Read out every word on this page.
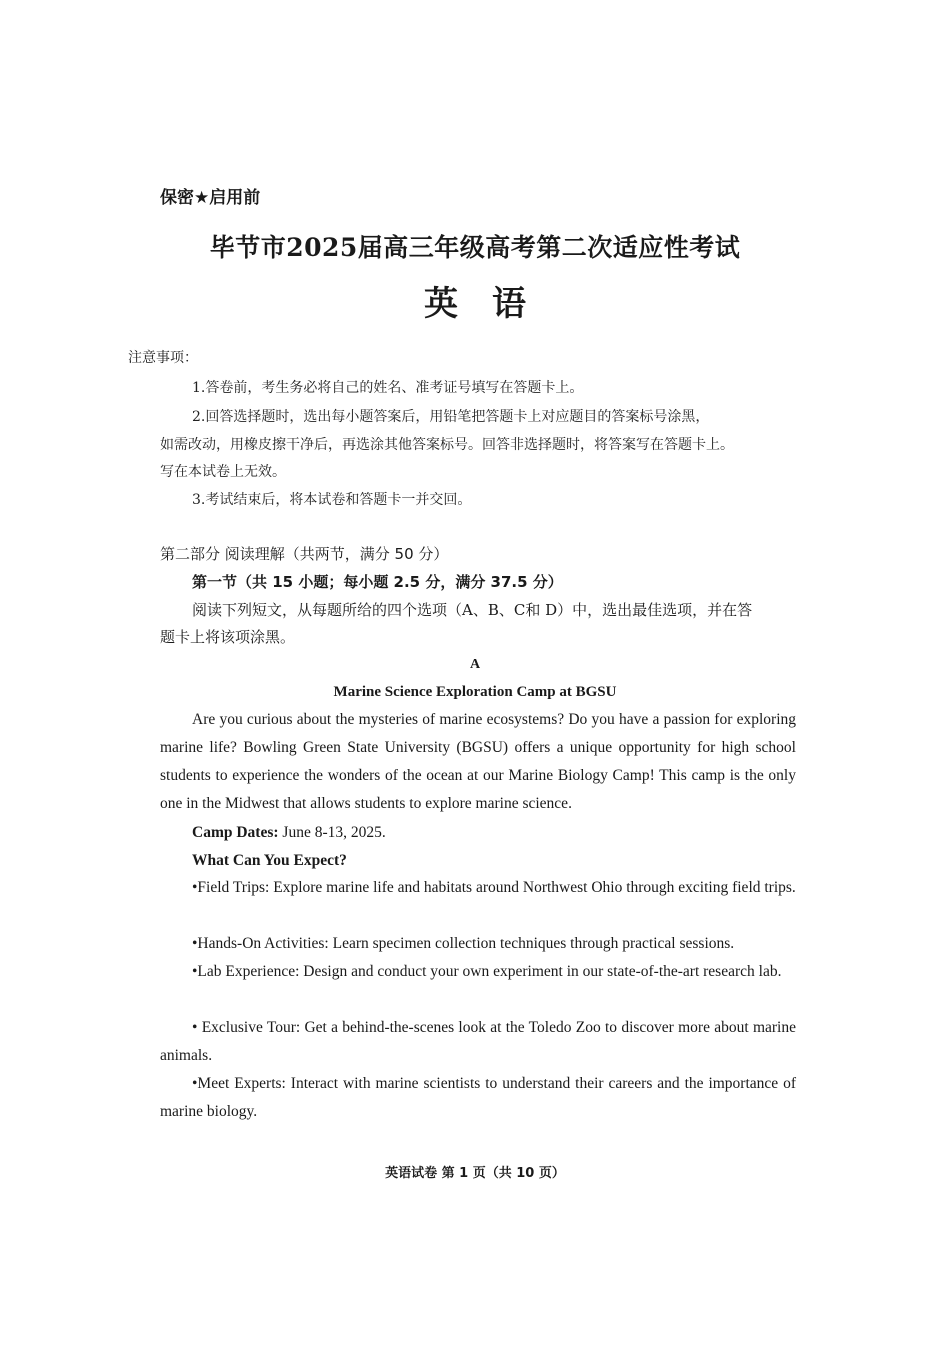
保密★启用前
毕节市2025届高三年级高考第二次适应性考试
英语
注意事项：
1.答卷前，考生务必将自己的姓名、准考证号填写在答题卡上。
2.回答选择题时，选出每小题答案后，用铅笔把答题卡上对应题目的答案标号涂黑，
如需改动，用橡皮擦干净后，再选涂其他答案标号。回答非选择题时，将答案写在答题卡上。
写在本试卷上无效。
3.考试结束后，将本试卷和答题卡一并交回。
第二部分 阅读理解（共两节，满分 50 分）
第一节（共 15 小题；每小题 2.5 分，满分 37.5 分）
阅读下列短文，从每题所给的四个选项（A、B、C和 D）中，选出最佳选项，并在答
题卡上将该项涂黑。
A
Marine Science Exploration Camp at BGSU
Are you curious about the mysteries of marine ecosystems? Do you have a passion for exploring marine life? Bowling Green State University (BGSU) offers a unique opportunity for high school students to experience the wonders of the ocean at our Marine Biology Camp! This camp is the only one in the Midwest that allows students to explore marine science.
Camp Dates: June 8-13, 2025.
What Can You Expect?
•Field Trips: Explore marine life and habitats around Northwest Ohio through exciting field trips.
•Hands-On Activities: Learn specimen collection techniques through practical sessions.
•Lab Experience: Design and conduct your own experiment in our state-of-the-art research lab.
• Exclusive Tour: Get a behind-the-scenes look at the Toledo Zoo to discover more about marine animals.
•Meet Experts: Interact with marine scientists to understand their careers and the importance of marine biology.
英语试卷 第 1 页（共 10 页）
